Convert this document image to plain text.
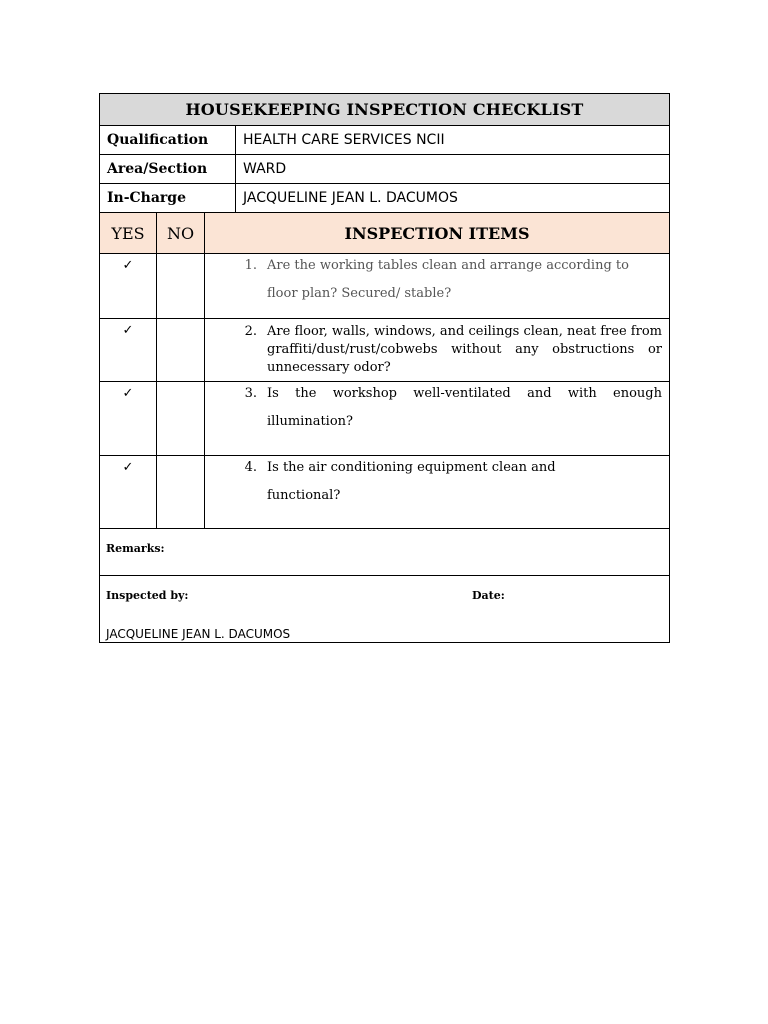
HOUSEKEEPING INSPECTION CHECKLIST			
Qualification			HEALTH CARE SERVICES NCII
Area/Section			WARD
In-Charge			JACQUELINE JEAN L. DACUMOS
YES	NO	INSPECTION ITEMS	
✓		1. Are the working tables clean and arrange according to floor plan? Secured/ stable?	

✓		2. Are floor, walls, windows, and ceilings clean, neat free from graffiti/dust/rust/cobwebs without any obstructions or unnecessary odor?	

✓		3. Is the workshop well-ventilated and with enough illumination?	

✓		4. Is the air conditioning equipment clean and functional?	

Remarks:			

Inspected by: Date:
JACQUELINE JEAN L. DACUMOS			
